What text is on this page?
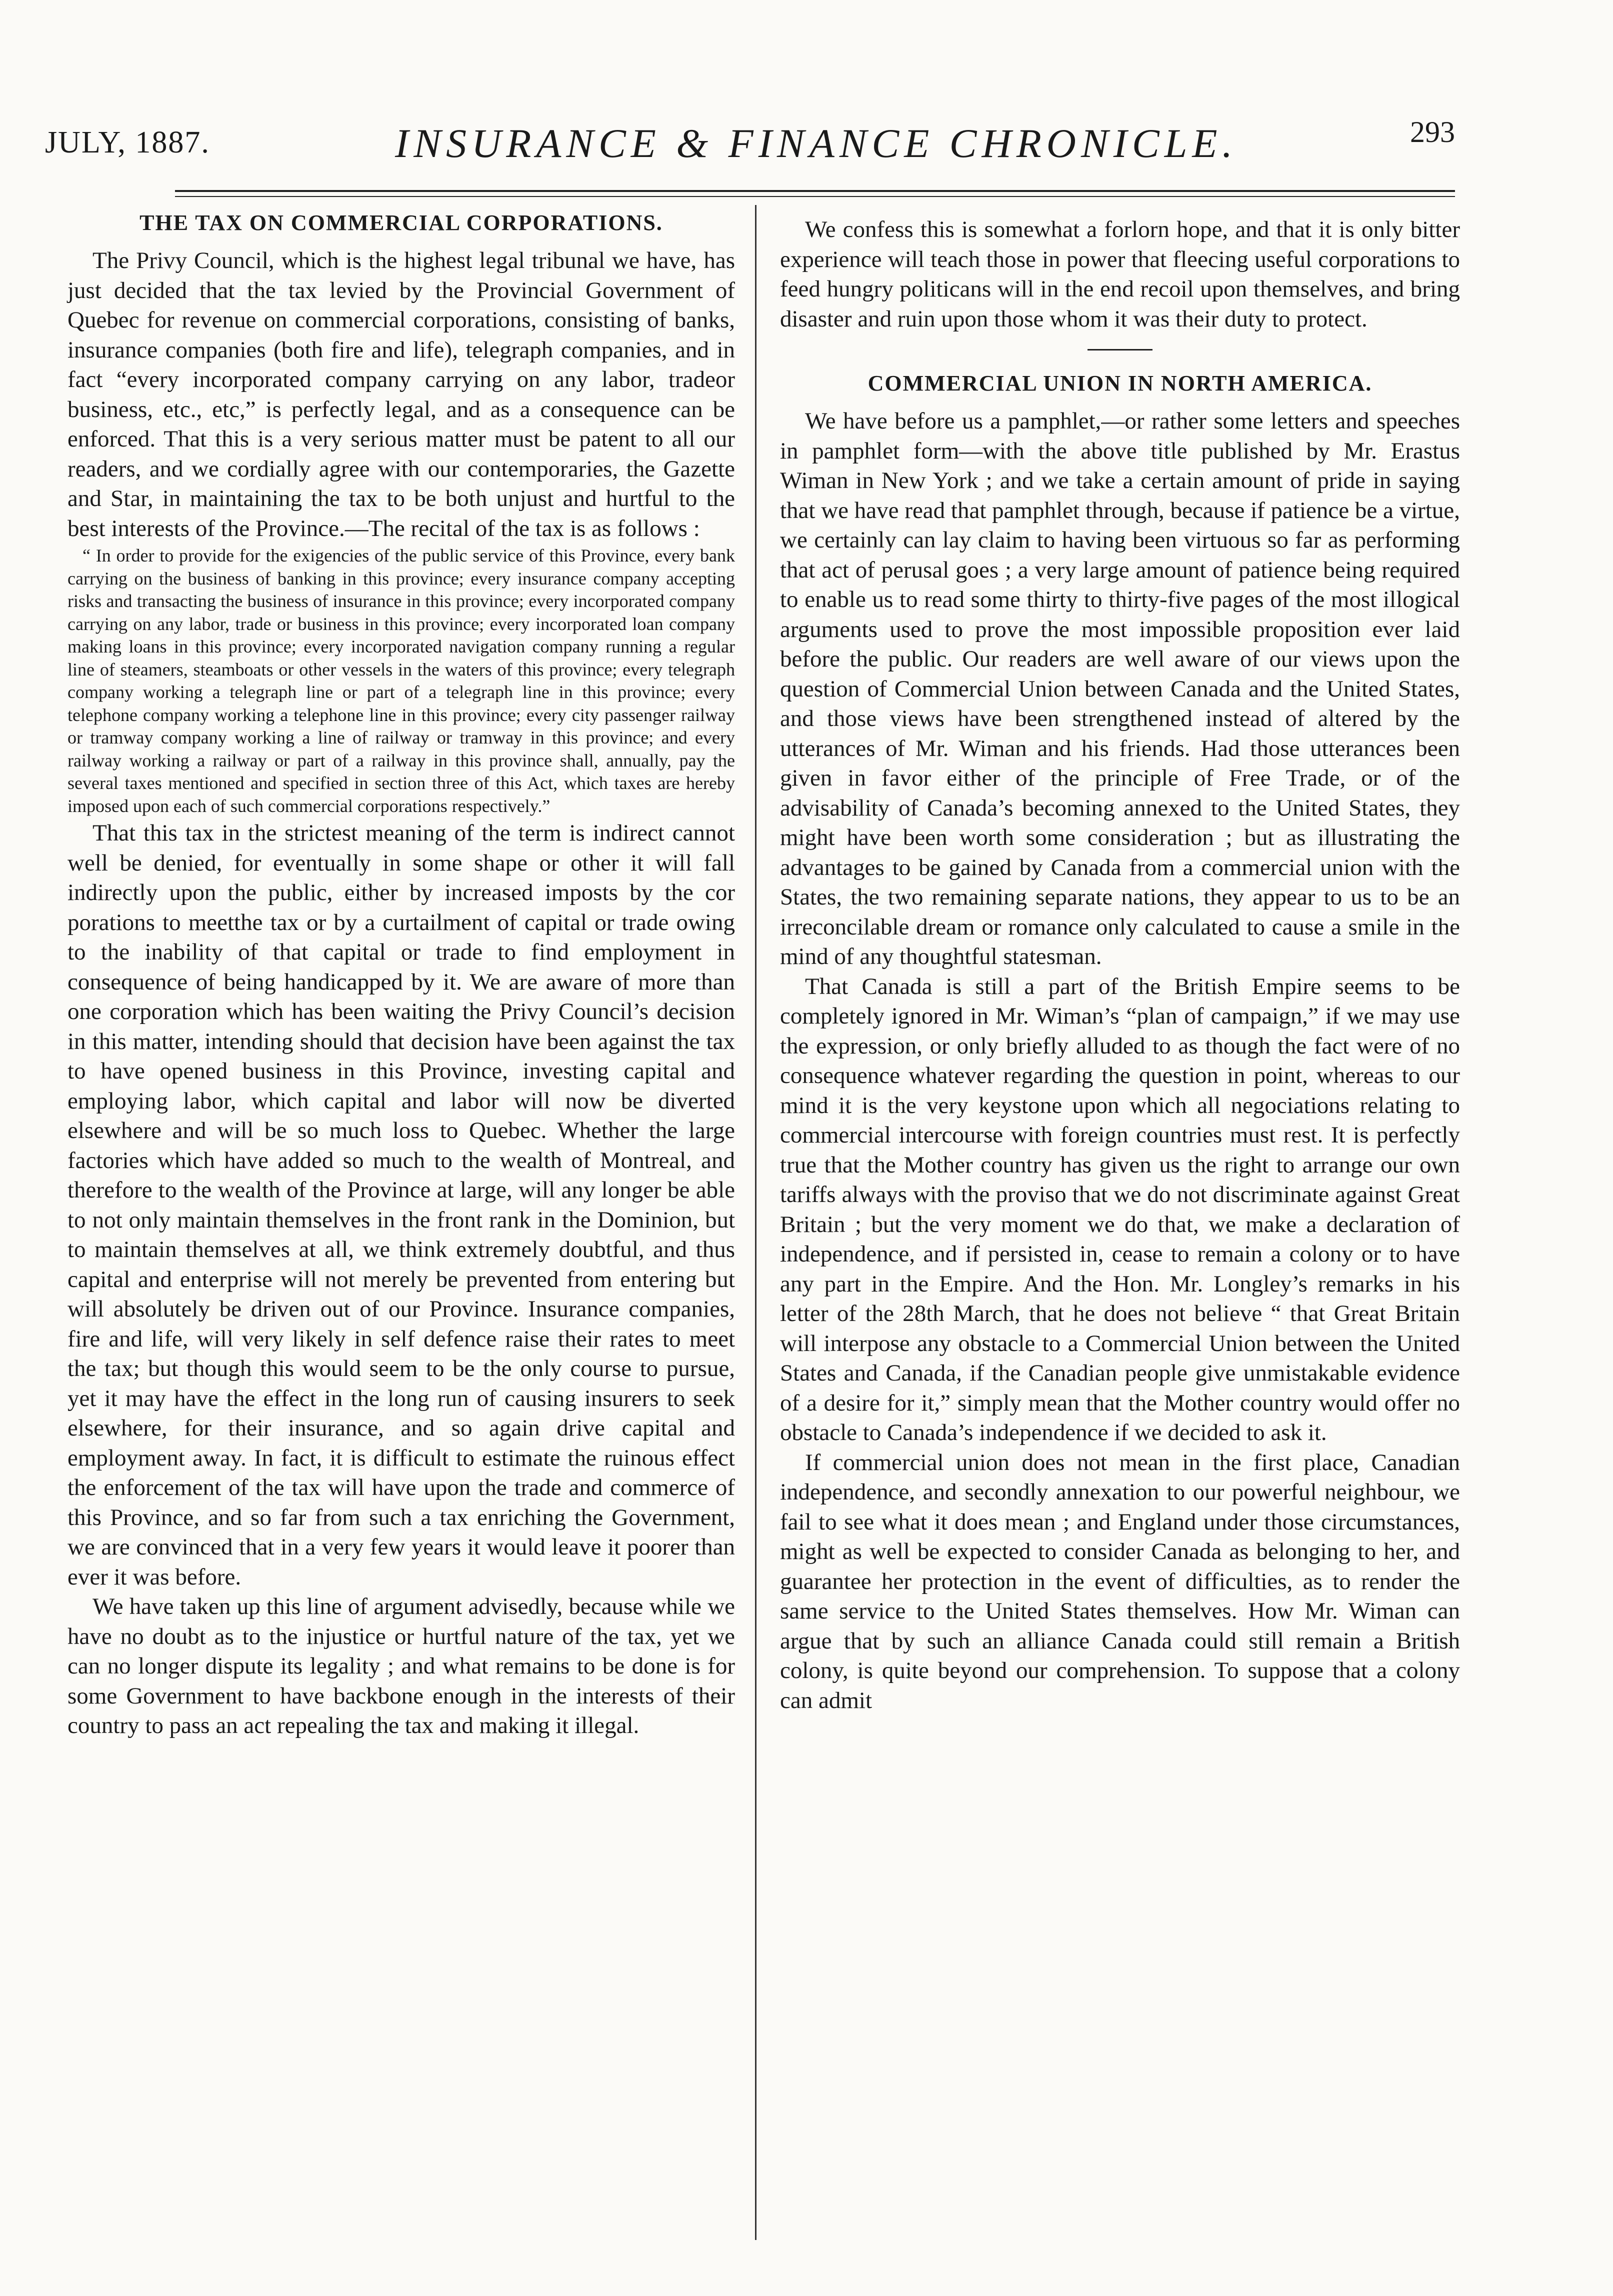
JULY, 1887.	INSURANCE & FINANCE CHRONICLE.	293
THE TAX ON COMMERCIAL CORPORATIONS.

The Privy Council, which is the highest legal tribunal we have, has just decided that the tax levied by the Provincial Government of Quebec for revenue on commercial corporations, consisting of banks, insurance companies (both fire and life), telegraph companies, and in fact “every incorporated company carrying on any labor, tradeor business, etc., etc,” is perfectly legal, and as a consequence can be enforced. That this is a very serious matter must be patent to all our readers, and we cordially agree with our contemporaries, the Gazette and Star, in maintaining the tax to be both unjust and hurtful to the best interests of the Province.—The recital of the tax is as follows :

“ In order to provide for the exigencies of the public service of this Province, every bank carrying on the business of banking in this province; every insurance company accepting risks and transacting the business of insurance in this province; every incorporated company carrying on any labor, trade or business in this province; every incorporated loan company making loans in this province; every incorporated navigation company running a regular line of steamers, steamboats or other vessels in the waters of this province; every telegraph company working a telegraph line or part of a telegraph line in this province; every telephone company working a telephone line in this province; every city passenger railway or tramway company working a line of railway or tramway in this province; and every railway working a railway or part of a railway in this province shall, annually, pay the several taxes mentioned and specified in section three of this Act, which taxes are hereby imposed upon each of such commercial corporations respectively.”

That this tax in the strictest meaning of the term is indirect cannot well be denied, for eventually in some shape or other it will fall indirectly upon the public, either by increased imposts by the cor porations to meetthe tax or by a curtailment of capital or trade owing to the inability of that capital or trade to find employment in consequence of being handicapped by it. We are aware of more than one corporation which has been waiting the Privy Council’s decision in this matter, intending should that decision have been against the tax to have opened business in this Province, investing capital and employing labor, which capital and labor will now be diverted elsewhere and will be so much loss to Quebec. Whether the large factories which have added so much to the wealth of Montreal, and therefore to the wealth of the Province at large, will any longer be able to not only maintain themselves in the front rank in the Dominion, but to maintain themselves at all, we think extremely doubtful, and thus capital and enterprise will not merely be prevented from entering but will absolutely be driven out of our Province. Insurance companies, fire and life, will very likely in self defence raise their rates to meet the tax; but though this would seem to be the only course to pursue, yet it may have the effect in the long run of causing insurers to seek elsewhere, for their insurance, and so again drive capital and employment away. In fact, it is difficult to estimate the ruinous effect the enforcement of the tax will have upon the trade and commerce of this Province, and so far from such a tax enriching the Government, we are convinced that in a very few years it would leave it poorer than ever it was before.

We have taken up this line of argument advisedly, because while we have no doubt as to the injustice or hurtful nature of the tax, yet we can no longer dispute its legality ; and what remains to be done is for some Government to have backbone enough in the interests of their country to pass an act repealing the tax and making it illegal.

We confess this is somewhat a forlorn hope, and that it is only bitter experience will teach those in power that fleecing useful corporations to feed hungry politicans will in the end recoil upon themselves, and bring disaster and ruin upon those whom it was their duty to protect.

COMMERCIAL UNION IN NORTH AMERICA.

We have before us a pamphlet,—or rather some letters and speeches in pamphlet form—with the above title published by Mr. Erastus Wiman in New York ; and we take a certain amount of pride in saying that we have read that pamphlet through, because if patience be a virtue, we certainly can lay claim to having been virtuous so far as performing that act of perusal goes ; a very large amount of patience being required to enable us to read some thirty to thirty-five pages of the most illogical arguments used to prove the most impossible proposition ever laid before the public. Our readers are well aware of our views upon the question of Commercial Union between Canada and the United States, and those views have been strengthened instead of altered by the utterances of Mr. Wiman and his friends. Had those utterances been given in favor either of the principle of Free Trade, or of the advisability of Canada’s becoming annexed to the United States, they might have been worth some consideration ; but as illustrating the advantages to be gained by Canada from a commercial union with the States, the two remaining separate nations, they appear to us to be an irreconcilable dream or romance only calculated to cause a smile in the mind of any thoughtful statesman.

That Canada is still a part of the British Empire seems to be completely ignored in Mr. Wiman’s “plan of campaign,” if we may use the expression, or only briefly alluded to as though the fact were of no consequence whatever regarding the question in point, whereas to our mind it is the very keystone upon which all negociations relating to commercial intercourse with foreign countries must rest. It is perfectly true that the Mother country has given us the right to arrange our own tariffs always with the proviso that we do not discriminate against Great Britain ; but the very moment we do that, we make a declaration of independence, and if persisted in, cease to remain a colony or to have any part in the Empire. And the Hon. Mr. Longley’s remarks in his letter of the 28th March, that he does not believe “ that Great Britain will interpose any obstacle to a Commercial Union between the United States and Canada, if the Canadian people give unmistakable evidence of a desire for it,” simply mean that the Mother country would offer no obstacle to Canada’s independence if we decided to ask it.

If commercial union does not mean in the first place, Canadian independence, and secondly annexation to our powerful neighbour, we fail to see what it does mean ; and England under those circumstances, might as well be expected to consider Canada as belonging to her, and guarantee her protection in the event of difficulties, as to render the same service to the United States themselves. How Mr. Wiman can argue that by such an alliance Canada could still remain a British colony, is quite beyond our comprehension. To suppose that a colony can admit
